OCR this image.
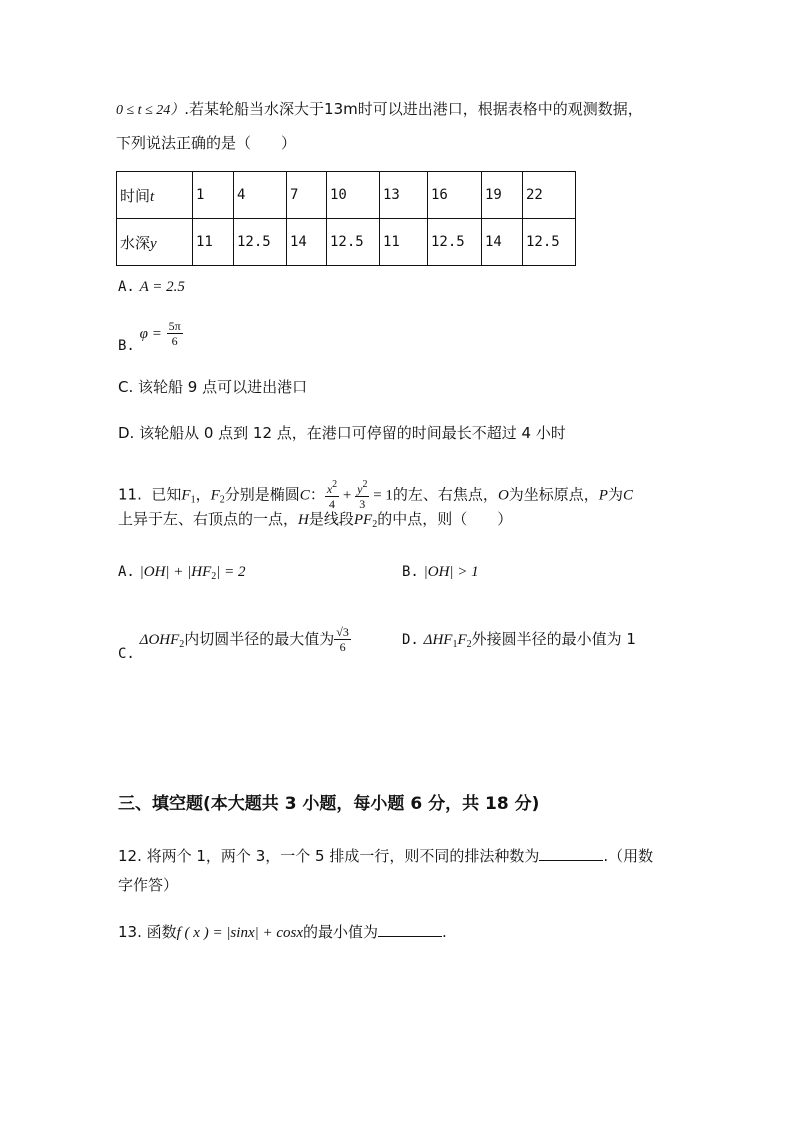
0 ≤ t ≤ 24）.若某轮船当水深大于13m时可以进出港口，根据表格中的观测数据，
下列说法正确的是（　　）
时间t	1	4	7	10	13	16	19	22
水深y	11	12.5	14	12.5	11	12.5	14	12.5
A. A = 2.5
B. $\varphi = \frac{5\pi}{6}$
C. 该轮船 9 点可以进出港口
D. 该轮船从 0 点到 12 点，在港口可停留的时间最长不超过 4 小时
11. 已知$F_1$，$F_2$分别是椭圆C： $\frac{x^2}{4} + \frac{y^2}{3} = 1$的左、右焦点，O为坐标原点，P为C
上异于左、右顶点的一点，H是线段$PF_2$的中点，则（　　）
A. $|OH| + |HF_2| = 2$	B. |OH| > 1
C. $\Delta OHF_2$内切圆半径的最大值为 $\frac{√3}{6}$	D. $\Delta HF_1F_2$外接圆半径的最小值为 1
三、填空题(本大题共 3 小题，每小题 6 分，共 18 分)
12. 将两个 1，两个 3，一个 5 排成一行，则不同的排法种数为	.（用数
字作答）
13. 函数f ( x ) = |sinx| + cosx的最小值为	.
